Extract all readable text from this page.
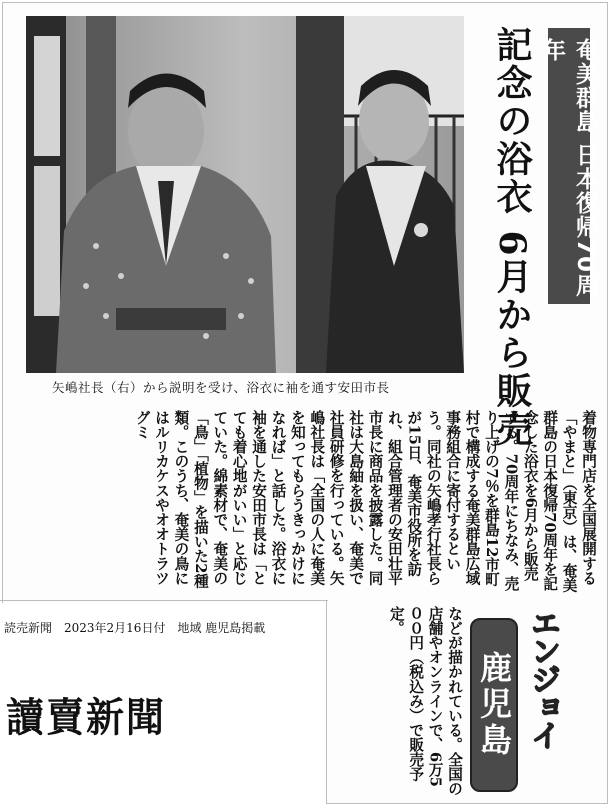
矢嶋社長（右）から説明を受け、浴衣に袖を通す安田市長
奄美群島 日本復帰70周年
記念の浴衣 6月から販売
着物専門店を全国展開する「やまと」（東京）は、奄美群島の日本復帰70周年を記念した浴衣を6月から販売する。70周年にちなみ、売り上げの7％を群島12市町村で構成する奄美群島広域事務組合に寄付するという。同社の矢嶋孝行社長らが15日、奄美市役所を訪れ、組合管理者の安田壮平市長に商品を披露した。同社は大島紬を扱い、奄美で社員研修を行っている。矢嶋社長は「全国の人に奄美を知ってもらうきっかけになれば」と話した。浴衣に袖を通した安田市長は「とても着心地がいい」と応じていた。綿素材で、奄美の「鳥」「植物」を描いた2種類。このうち、奄美の鳥にはルリカケスやオオトラツグミ
などが描かれている。全国の店舗やオンラインで、6万5００円（税込み）で販売予定。
鹿児島 エンジョイ
読売新聞　2023年2月16日付　地域 鹿児島掲載
讀賣新聞
